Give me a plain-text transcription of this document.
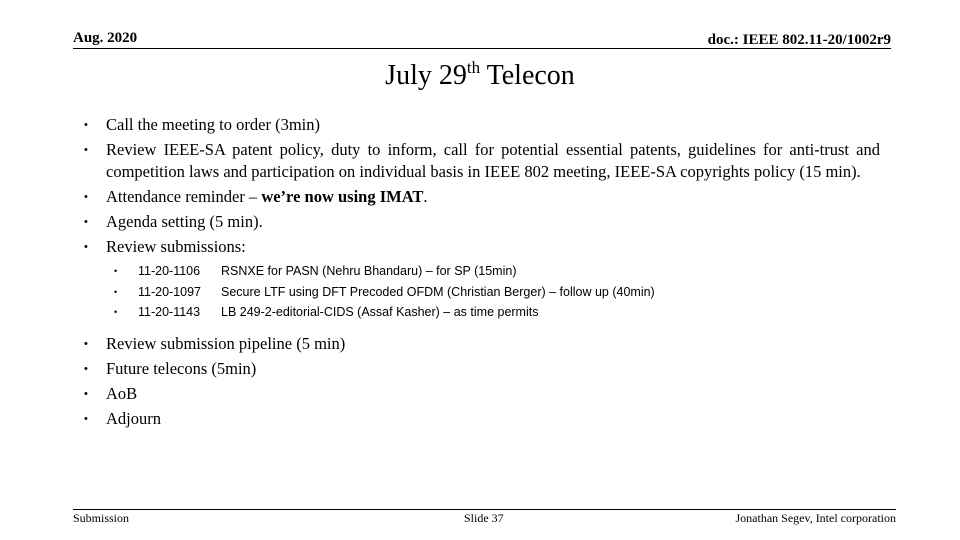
Aug. 2020	doc.: IEEE 802.11-20/1002r9
July 29th Telecon
• Call the meeting to order (3min)
• Review IEEE-SA patent policy, duty to inform, call for potential essential patents, guidelines for anti-trust and competition laws and participation on individual basis in IEEE 802 meeting, IEEE-SA copyrights policy (15 min).
• Attendance reminder – we’re now using IMAT.
• Agenda setting (5 min).
• Review submissions:
• 11-20-1106 RSNXE for PASN (Nehru Bhandaru) – for SP (15min)
• 11-20-1097 Secure LTF using DFT Precoded OFDM (Christian Berger) – follow up (40min)
• 11-20-1143 LB 249-2-editorial-CIDS (Assaf Kasher) – as time permits
• Review submission pipeline (5 min)
• Future telecons (5min)
• AoB
• Adjourn
Submission	Slide 37	Jonathan Segev, Intel corporation
